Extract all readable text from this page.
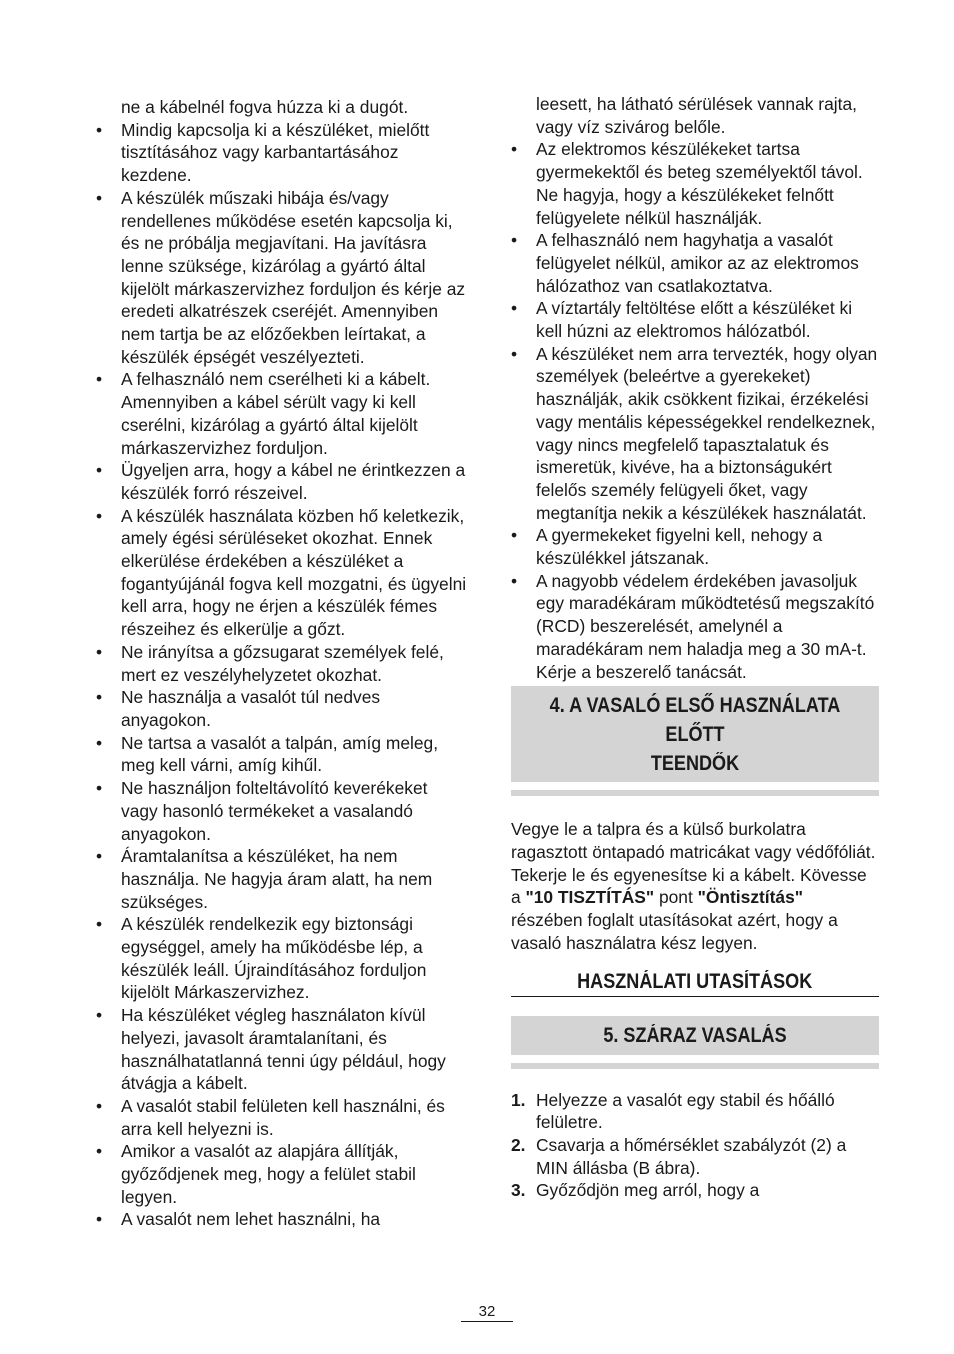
ne a kábelnél fogva húzza ki a dugót.
• Mindig kapcsolja ki a készüléket, mielőtt tisztításához vagy karbantartásához kezdene.
• A készülék műszaki hibája és/vagy rendellenes működése esetén kapcsolja ki, és ne próbálja megjavítani. Ha javításra lenne szüksége, kizárólag a gyártó által kijelölt márkaszervizhez forduljon és kérje az eredeti alkatrészek cseréjét. Amennyiben nem tartja be az előzőekben leírtakat, a készülék épségét veszélyezteti.
• A felhasználó nem cserélheti ki a kábelt. Amennyiben a kábel sérült vagy ki kell cserélni, kizárólag a gyártó által kijelölt márkaszervizhez forduljon.
• Ügyeljen arra, hogy a kábel ne érintkezzen a készülék forró részeivel.
• A készülék használata közben hő keletkezik, amely égési sérüléseket okozhat. Ennek elkerülése érdekében a készüléket a fogantyújánál fogva kell mozgatni, és ügyelni kell arra, hogy ne érjen a készülék fémes részeihez és elkerülje a gőzt.
• Ne irányítsa a gőzsugarat személyek felé, mert ez veszélyhelyzetet okozhat.
• Ne használja a vasalót túl nedves anyagokon.
• Ne tartsa a vasalót a talpán, amíg meleg, meg kell várni, amíg kihűl.
• Ne használjon folteltávolító keverékeket vagy hasonló termékeket a vasalandó anyagokon.
• Áramtalanítsa a készüléket, ha nem használja. Ne hagyja áram alatt, ha nem szükséges.
• A készülék rendelkezik egy biztonsági egységgel, amely ha működésbe lép, a készülék leáll. Újraindításához forduljon kijelölt Márkaszervizhez.
• Ha készüléket végleg használaton kívül helyezi, javasolt áramtalanítani, és használhatatlanná tenni úgy például, hogy átvágja a kábelt.
• A vasalót stabil felületen kell használni, és arra kell helyezni is.
• Amikor a vasalót az alapjára állítják, győződjenek meg, hogy a felület stabil legyen.
• A vasalót nem lehet használni, ha
leesett, ha látható sérülések vannak rajta, vagy víz szivárog belőle.
• Az elektromos készülékeket tartsa gyermekektől és beteg személyektől távol. Ne hagyja, hogy a készülékeket felnőtt felügyelete nélkül használják.
• A felhasználó nem hagyhatja a vasalót felügyelet nélkül, amikor az az elektromos hálózathoz van csatlakoztatva.
• A víztartály feltöltése előtt a készüléket ki kell húzni az elektromos hálózatból.
• A készüléket nem arra tervezték, hogy olyan személyek (beleértve a gyerekeket) használják, akik csökkent fizikai, érzékelési vagy mentális képességekkel rendelkeznek, vagy nincs megfelelő tapasztalatuk és ismeretük, kivéve, ha a biztonságukért felelős személy felügyeli őket, vagy megtanítja nekik a készülékek használatát.
• A gyermekeket figyelni kell, nehogy a készülékkel játszanak.
• A nagyobb védelem érdekében javasoljuk egy maradékáram működtetésű megszakító (RCD) beszerelését, amelynél a maradékáram nem haladja meg a 30 mA-t. Kérje a beszerelő tanácsát.
4. A VASALÓ ELSŐ HASZNÁLATA ELŐTT
TEENDŐK

Vegye le a talpra és a külső burkolatra ragasztott öntapadó matricákat vagy védőfóliát.

Tekerje le és egyenesítse ki a kábelt. Kövesse a "10 TISZTÍTÁS" pont "Öntisztítás" részében foglalt utasításokat azért, hogy a vasaló használatra kész legyen.

HASZNÁLATI UTASÍTÁSOK
5. SZÁRAZ VASALÁS
1. Helyezze a vasalót egy stabil és hőálló felületre.
2. Csavarja a hőmérséklet szabályzót (2) a MIN állásba (B ábra).
3. Győződjön meg arról, hogy a
32
